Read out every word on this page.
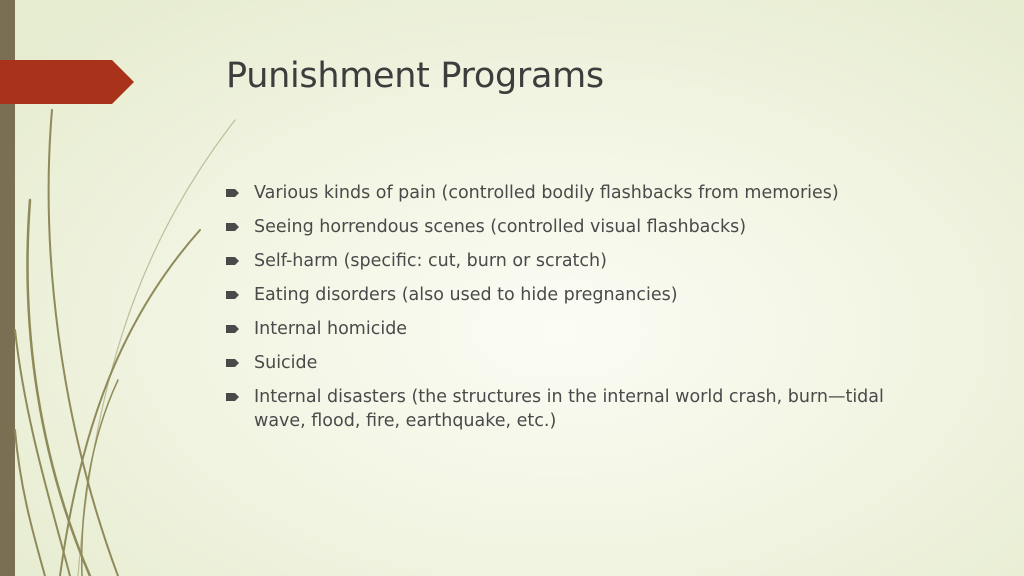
Punishment Programs
Various kinds of pain (controlled bodily flashbacks from memories)
Seeing horrendous scenes (controlled visual flashbacks)
Self-harm (specific: cut, burn or scratch)
Eating disorders (also used to hide pregnancies)
Internal homicide
Suicide
Internal disasters (the structures in the internal world crash, burn—tidal wave, flood, fire, earthquake, etc.)
